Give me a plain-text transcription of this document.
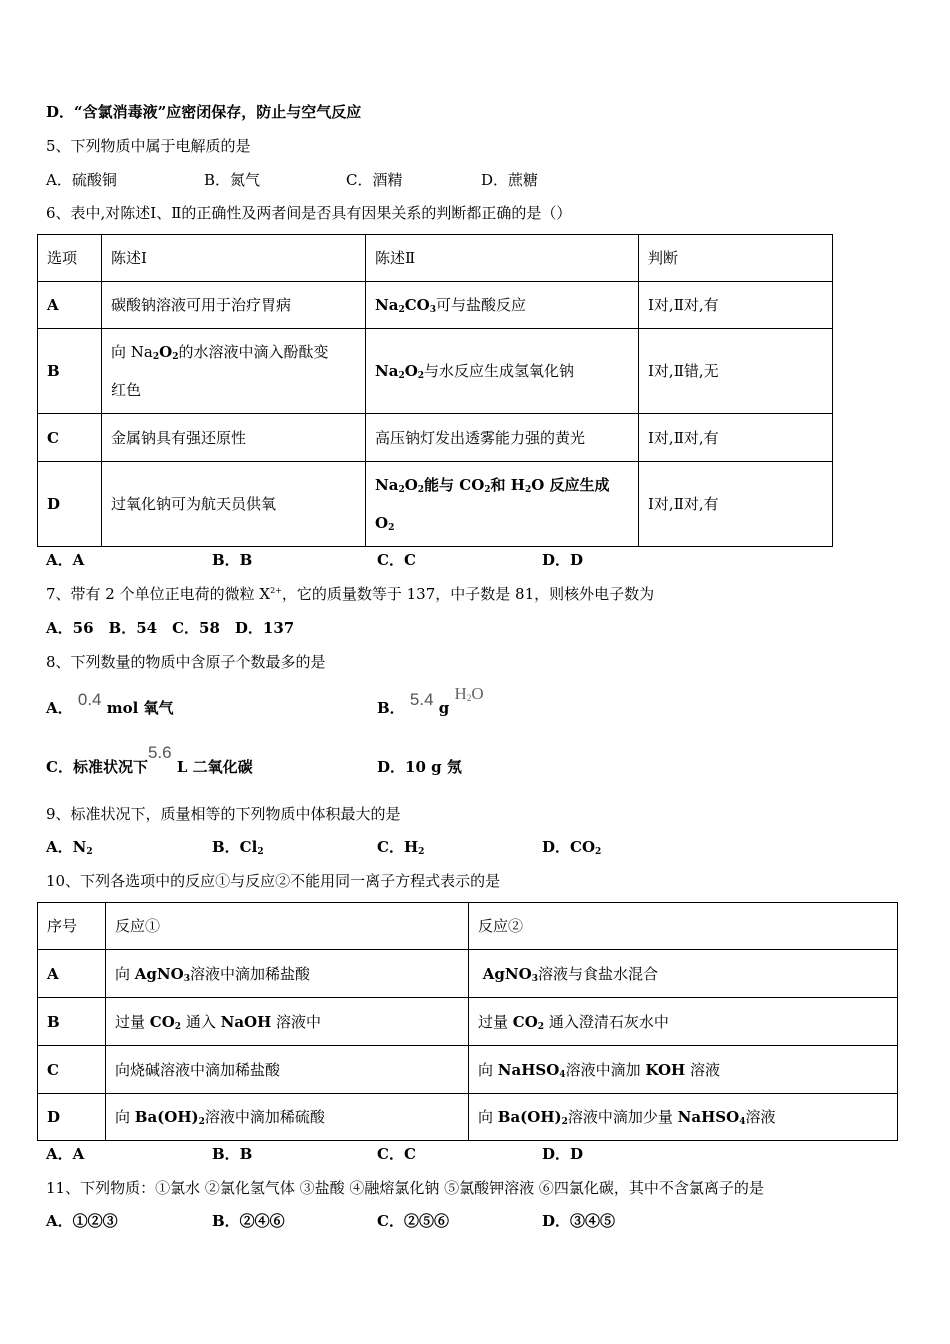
D．“含氯消毒液”应密闭保存，防止与空气反应
5、下列物质中属于电解质的是
A．硫酸铜	B．氮气	C．酒精	D．蔗糖
6、表中,对陈述Ⅰ、Ⅱ的正确性及两者间是否具有因果关系的判断都正确的是（）
选项	陈述Ⅰ	陈述Ⅱ	判断
A	碳酸钠溶液可用于治疗胃病	$Na_2CO_3$可与盐酸反应	Ⅰ对,Ⅱ对,有
B	向 $Na_2O_2$的水溶液中滴入酚酞变
红色	$Na_2O_2$与水反应生成氢氧化钠	Ⅰ对,Ⅱ错,无
C	金属钠具有强还原性	高压钠灯发出透雾能力强的黄光	Ⅰ对,Ⅱ对,有
D	过氧化钠可为航天员供氧	$Na_2O_2$能与 $CO_2$和 $H_2O$ 反应生成
$O_2$	Ⅰ对,Ⅱ对,有
A．A	B．B	C．C	D．D
7、带有 2 个单位正电荷的微粒 $X^{2+}$，它的质量数等于 137，中子数是 81，则核外电子数为
A．56　B．54　C．58　D．137
8、下列数量的物质中含原子个数最多的是
A． 0.4 mol 氧气	B． 5.4 g $H_2O$
C．标准状况下5.6 L 二氧化碳	D．10 g 氖
9、标准状况下，质量相等的下列物质中体积最大的是
A．$N_2$	B．$Cl_2$	C．$H_2$	D．$CO_2$
10、下列各选项中的反应①与反应②不能用同一离子方程式表示的是
序号	反应①	反应②
A	向 AgNO$_3$溶液中滴加稀盐酸	AgNO$_3$溶液与食盐水混合
B	过量 $CO_2$ 通入 NaOH 溶液中	过量 $CO_2$ 通入澄清石灰水中
C	向烧碱溶液中滴加稀盐酸	向 NaHSO$_4$溶液中滴加 KOH 溶液
D	向 $Ba(OH)_2$溶液中滴加稀硫酸	向 $Ba(OH)_2$溶液中滴加少量 NaHSO$_4$溶液
A．A	B．B	C．C	D．D
11、下列物质：①氯水 ②氯化氢气体 ③盐酸 ④融熔氯化钠 ⑤氯酸钾溶液 ⑥四氯化碳，其中不含氯离子的是
A．①②③	B．②④⑥	C．②⑤⑥	D．③④⑤
